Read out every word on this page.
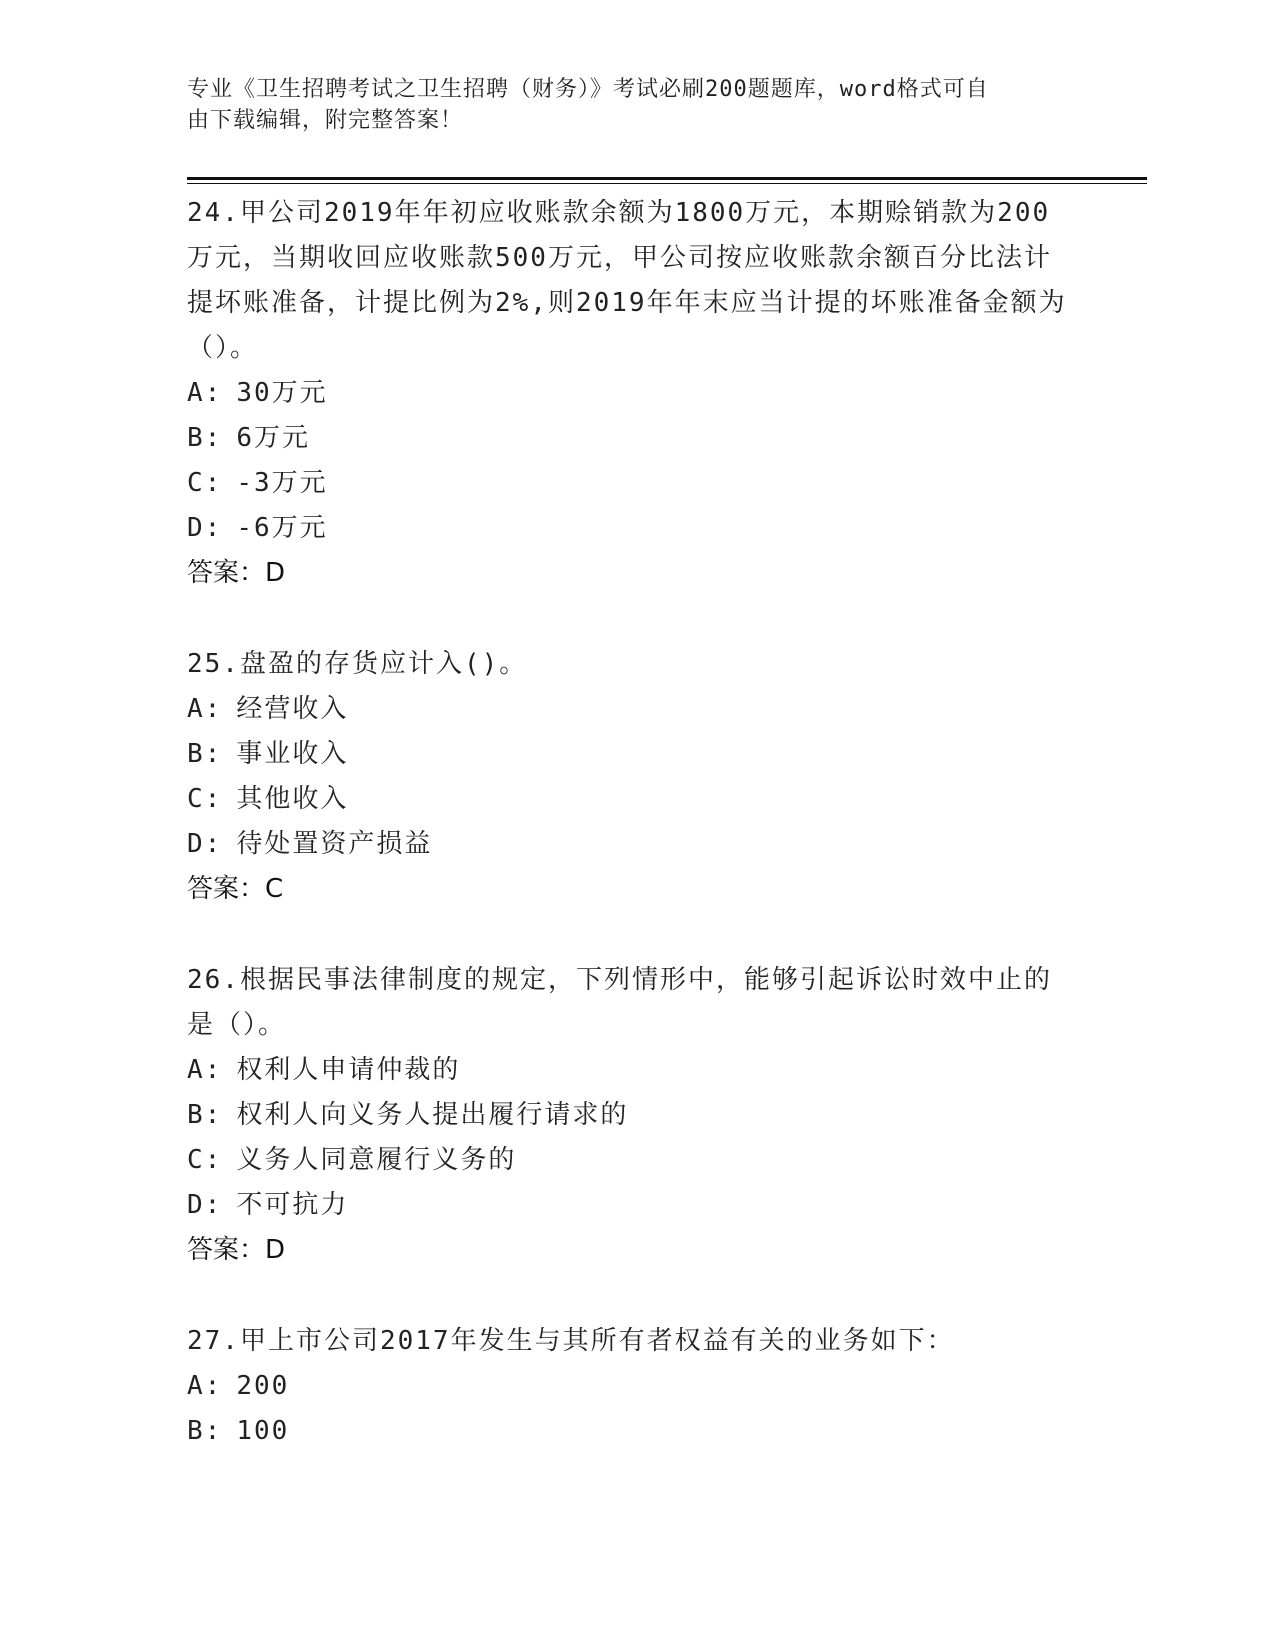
专业《卫生招聘考试之卫生招聘（财务）》考试必刷200题题库，word格式可自
由下载编辑，附完整答案！

24.甲公司2019年年初应收账款余额为1800万元，本期赊销款为200万元，当期收回应收账款500万元，甲公司按应收账款余额百分比法计提坏账准备，计提比例为2%,则2019年年末应当计提的坏账准备金额为（）。

A: 30万元
B: 6万元
C: -3万元
D: -6万元

答案：D

25.盘盈的存货应计入()。

A: 经营收入
B: 事业收入
C: 其他收入
D: 待处置资产损益

答案：C

26.根据民事法律制度的规定，下列情形中，能够引起诉讼时效中止的是（）。

A: 权利人申请仲裁的
B: 权利人向义务人提出履行请求的
C: 义务人同意履行义务的
D: 不可抗力

答案：D

27.甲上市公司2017年发生与其所有者权益有关的业务如下：

A: 200
B: 100
